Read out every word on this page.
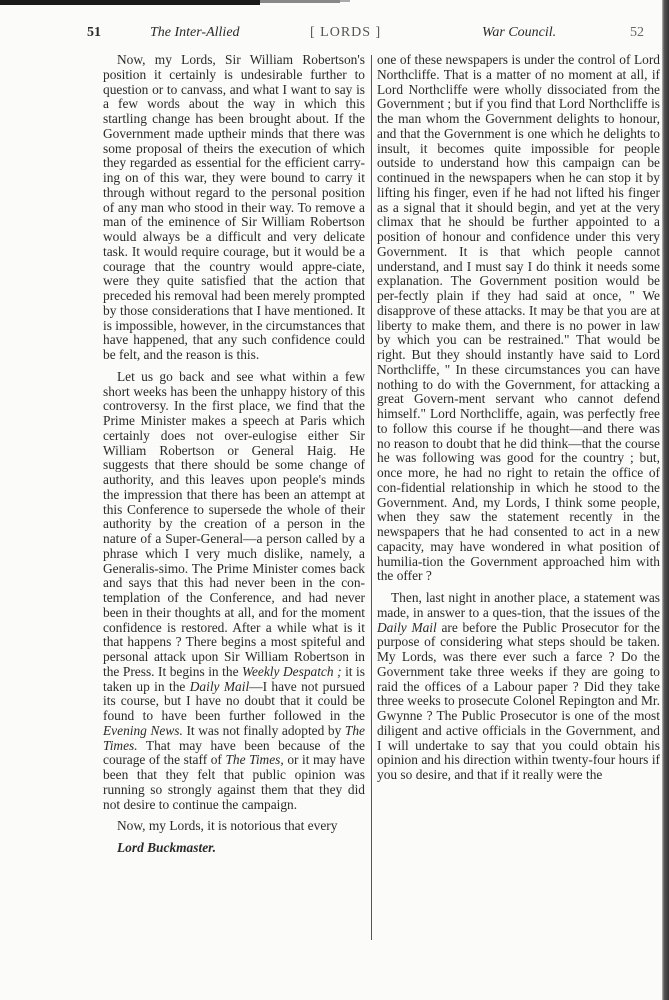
51	The Inter-Allied	[ LORDS ]	War Council.	52

Now, my Lords, Sir William Robertson's position it certainly is undesirable further to question or to canvass, and what I want to say is a few words about the way in which this startling change has been brought about. If the Government made uptheir minds that there was some proposal of theirs the execution of which they regarded as essential for the efficient carry-ing on of this war, they were bound to carry it through without regard to the personal position of any man who stood in their way. To remove a man of the eminence of Sir William Robertson would always be a difficult and very delicate task. It would require courage, but it would be a courage that the country would appre-ciate, were they quite satisfied that the action that preceded his removal had been merely prompted by those considerations that I have mentioned. It is impossible, however, in the circumstances that have happened, that any such confidence could be felt, and the reason is this.

Let us go back and see what within a few short weeks has been the unhappy history of this controversy. In the first place, we find that the Prime Minister makes a speech at Paris which certainly does not over-eulogise either Sir William Robertson or General Haig. He suggests that there should be some change of authority, and this leaves upon people's minds the impression that there has been an attempt at this Conference to supersede the whole of their authority by the creation of a person in the nature of a Super-General—a person called by a phrase which I very much dislike, namely, a Generalis-simo. The Prime Minister comes back and says that this had never been in the con-templation of the Conference, and had never been in their thoughts at all, and for the moment confidence is restored. After a while what is it that happens ? There begins a most spiteful and personal attack upon Sir William Robertson in the Press. It begins in the Weekly Despatch ; it is taken up in the Daily Mail—I have not pursued its course, but I have no doubt that it could be found to have been further followed in the Evening News. It was not finally adopted by The Times. That may have been because of the courage of the staff of The Times, or it may have been that they felt that public opinion was running so strongly against them that they did not desire to continue the campaign.

Now, my Lords, it is notorious that every

Lord Buckmaster.

one of these newspapers is under the control of Lord Northcliffe. That is a matter of no moment at all, if Lord Northcliffe were wholly dissociated from the Government ; but if you find that Lord Northcliffe is the man whom the Government delights to honour, and that the Government is one which he delights to insult, it becomes quite impossible for people outside to understand how this campaign can be continued in the newspapers when he can stop it by lifting his finger, even if he had not lifted his finger as a signal that it should begin, and yet at the very climax that he should be further appointed to a position of honour and confidence under this very Government. It is that which people cannot understand, and I must say I do think it needs some explanation. The Government position would be per-fectly plain if they had said at once, " We disapprove of these attacks. It may be that you are at liberty to make them, and there is no power in law by which you can be restrained." That would be right. But they should instantly have said to Lord Northcliffe, " In these circumstances you can have nothing to do with the Government, for attacking a great Govern-ment servant who cannot defend himself." Lord Northcliffe, again, was perfectly free to follow this course if he thought—and there was no reason to doubt that he did think—that the course he was following was good for the country ; but, once more, he had no right to retain the office of con-fidential relationship in which he stood to the Government. And, my Lords, I think some people, when they saw the statement recently in the newspapers that he had consented to act in a new capacity, may have wondered in what position of humilia-tion the Government approached him with the offer ?

Then, last night in another place, a statement was made, in answer to a ques-tion, that the issues of the Daily Mail are before the Public Prosecutor for the purpose of considering what steps should be taken. My Lords, was there ever such a farce ? Do the Government take three weeks if they are going to raid the offices of a Labour paper ? Did they take three weeks to prosecute Colonel Repington and Mr. Gwynne ? The Public Prosecutor is one of the most diligent and active officials in the Government, and I will undertake to say that you could obtain his opinion and his direction within twenty-four hours if you so desire, and that if it really were the
